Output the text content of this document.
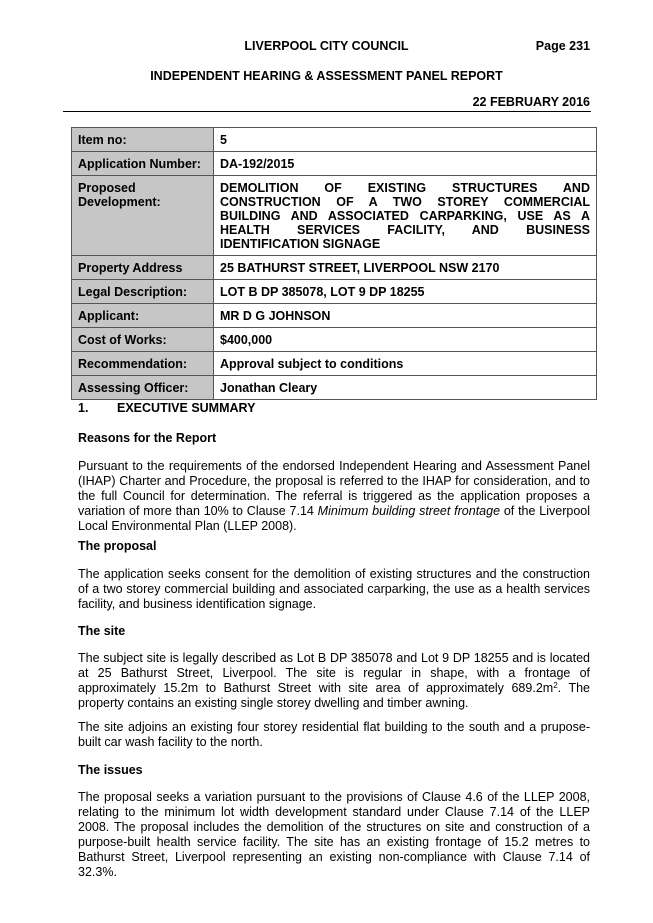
LIVERPOOL CITY COUNCIL	Page 231
INDEPENDENT HEARING & ASSESSMENT PANEL REPORT
22 FEBRUARY 2016
Item no:	5
Application Number:	DA-192/2015
Proposed Development:	DEMOLITION OF EXISTING STRUCTURES AND CONSTRUCTION OF A TWO STOREY COMMERCIAL BUILDING AND ASSOCIATED CARPARKING, USE AS A HEALTH SERVICES FACILITY, AND BUSINESS IDENTIFICATION SIGNAGE
Property Address	25 BATHURST STREET, LIVERPOOL NSW 2170
Legal Description:	LOT B DP 385078, LOT 9 DP 18255
Applicant:	MR D G JOHNSON
Cost of Works:	$400,000
Recommendation:	Approval subject to conditions
Assessing Officer:	Jonathan Cleary
1. EXECUTIVE SUMMARY
Reasons for the Report
Pursuant to the requirements of the endorsed Independent Hearing and Assessment Panel (IHAP) Charter and Procedure, the proposal is referred to the IHAP for consideration, and to the full Council for determination. The referral is triggered as the application proposes a variation of more than 10% to Clause 7.14 Minimum building street frontage of the Liverpool Local Environmental Plan (LLEP 2008).
The proposal
The application seeks consent for the demolition of existing structures and the construction of a two storey commercial building and associated carparking, the use as a health services facility, and business identification signage.
The site
The subject site is legally described as Lot B DP 385078 and Lot 9 DP 18255 and is located at 25 Bathurst Street, Liverpool. The site is regular in shape, with a frontage of approximately 15.2m to Bathurst Street with site area of approximately $689.2m^2$. The property contains an existing single storey dwelling and timber awning.
The site adjoins an existing four storey residential flat building to the south and a prupose-built car wash facility to the north.
The issues
The proposal seeks a variation pursuant to the provisions of Clause 4.6 of the LLEP 2008, relating to the minimum lot width development standard under Clause 7.14 of the LLEP 2008. The proposal includes the demolition of the structures on site and construction of a purpose-built health service facility. The site has an existing frontage of 15.2 metres to Bathurst Street, Liverpool representing an existing non-compliance with Clause 7.14 of 32.3%.
